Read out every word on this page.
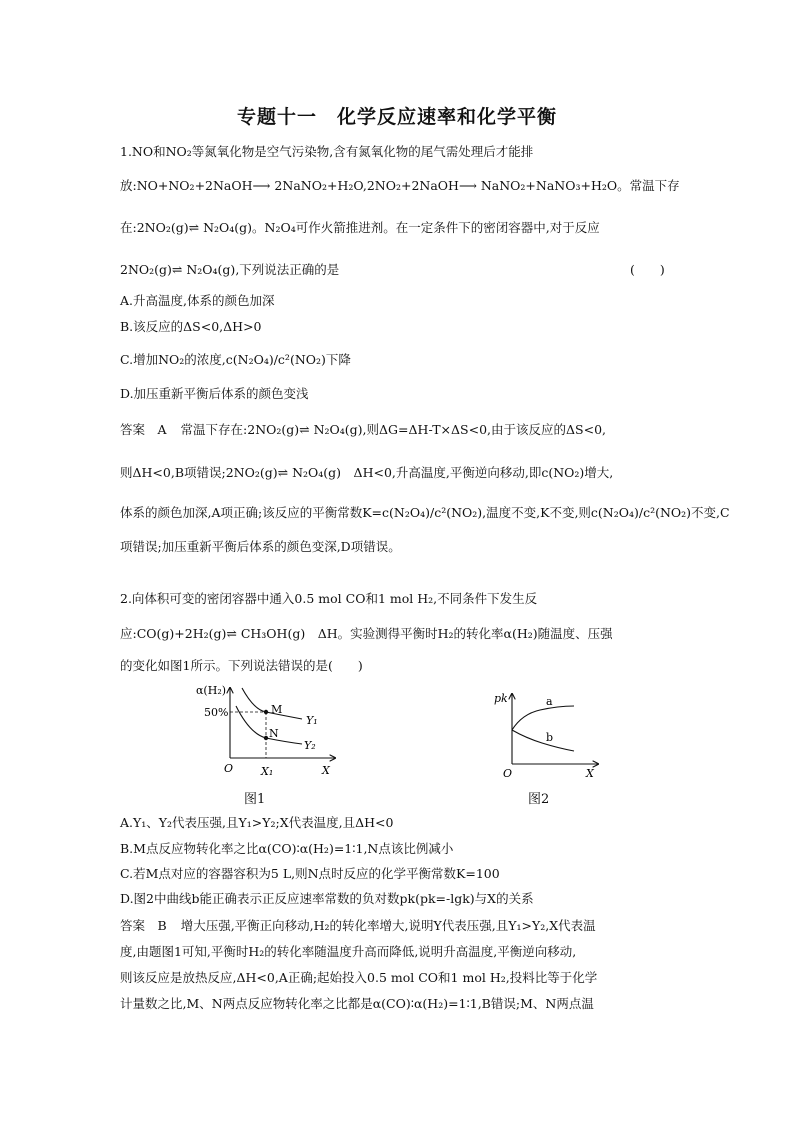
专题十一　化学反应速率和化学平衡
1.NO和NO₂等氮氧化物是空气污染物,含有氮氧化物的尾气需处理后才能排
放:NO+NO₂+2NaOH⟶ 2NaNO₂+H₂O,2NO₂+2NaOH⟶ NaNO₂+NaNO₃+H₂O。常温下存
在:2NO₂(g)⇌ N₂O₄(g)。N₂O₄可作火箭推进剂。在一定条件下的密闭容器中,对于反应
2NO₂(g)⇌ N₂O₄(g),下列说法正确的是	(　　)
A.升高温度,体系的颜色加深
B.该反应的ΔS<0,ΔH>0
C.增加NO₂的浓度,c(N₂O₄)/c²(NO₂)下降
D.加压重新平衡后体系的颜色变浅
答案　A 常温下存在:2NO₂(g)⇌ N₂O₄(g),则ΔG=ΔH-T×ΔS<0,由于该反应的ΔS<0,
则ΔH<0,B项错误;2NO₂(g)⇌ N₂O₄(g)　ΔH<0,升高温度,平衡逆向移动,即c(NO₂)增大,
体系的颜色加深,A项正确;该反应的平衡常数K=c(N₂O₄)/c²(NO₂),温度不变,K不变,则c(N₂O₄)/c²(NO₂)不变,C
项错误;加压重新平衡后体系的颜色变深,D项错误。
2.向体积可变的密闭容器中通入0.5 mol CO和1 mol H₂,不同条件下发生反
应:CO(g)+2H₂(g)⇌ CH₃OH(g)　ΔH。实验测得平衡时H₂的转化率α(H₂)随温度、压强
的变化如图1所示。下列说法错误的是(　　)
α(H₂)
50%	M
N
Y₁
Y₂
O	X₁	X
图1
pk	a
b
O	X
图2
A.Y₁、Y₂代表压强,且Y₁>Y₂;X代表温度,且ΔH<0
B.M点反应物转化率之比α(CO)∶α(H₂)=1∶1,N点该比例减小
C.若M点对应的容器容积为5 L,则N点时反应的化学平衡常数K=100
D.图2中曲线b能正确表示正反应速率常数的负对数pk(pk=-lgk)与X的关系
答案　B 增大压强,平衡正向移动,H₂的转化率增大,说明Y代表压强,且Y₁>Y₂,X代表温
度,由题图1可知,平衡时H₂的转化率随温度升高而降低,说明升高温度,平衡逆向移动,
则该反应是放热反应,ΔH<0,A正确;起始投入0.5 mol CO和1 mol H₂,投料比等于化学
计量数之比,M、N两点反应物转化率之比都是α(CO)∶α(H₂)=1∶1,B错误;M、N两点温
